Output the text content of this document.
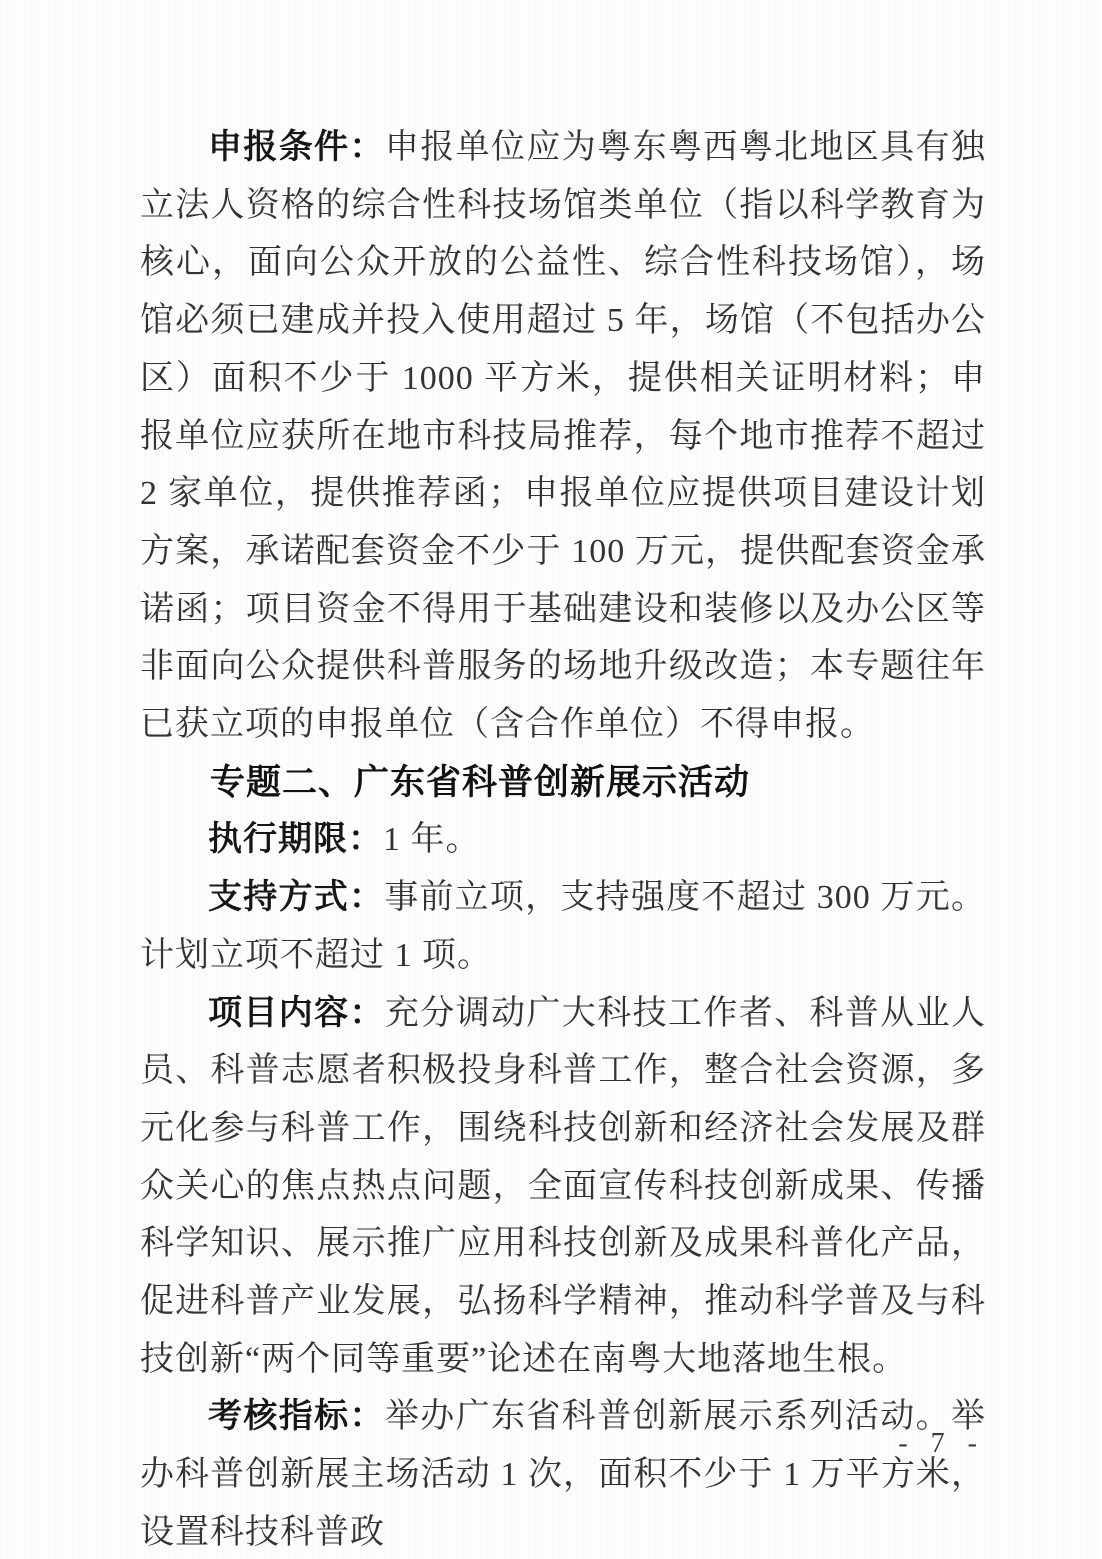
申报条件：申报单位应为粤东粤西粤北地区具有独立法人资格的综合性科技场馆类单位（指以科学教育为核心，面向公众开放的公益性、综合性科技场馆），场馆必须已建成并投入使用超过 5 年，场馆（不包括办公区）面积不少于 1000 平方米，提供相关证明材料；申报单位应获所在地市科技局推荐，每个地市推荐不超过 2 家单位，提供推荐函；申报单位应提供项目建设计划方案，承诺配套资金不少于 100 万元，提供配套资金承诺函；项目资金不得用于基础建设和装修以及办公区等非面向公众提供科普服务的场地升级改造；本专题往年已获立项的申报单位（含合作单位）不得申报。

专题二、广东省科普创新展示活动

执行期限：1 年。

支持方式：事前立项，支持强度不超过 300 万元。计划立项不超过 1 项。

项目内容：充分调动广大科技工作者、科普从业人员、科普志愿者积极投身科普工作，整合社会资源，多元化参与科普工作，围绕科技创新和经济社会发展及群众关心的焦点热点问题，全面宣传科技创新成果、传播科学知识、展示推广应用科技创新及成果科普化产品，促进科普产业发展，弘扬科学精神，推动科学普及与科技创新“两个同等重要”论述在南粤大地落地生根。

考核指标：举办广东省科普创新展示系列活动。举办科普创新展主场活动 1 次，面积不少于 1 万平方米，设置科技科普政

- 7 -
